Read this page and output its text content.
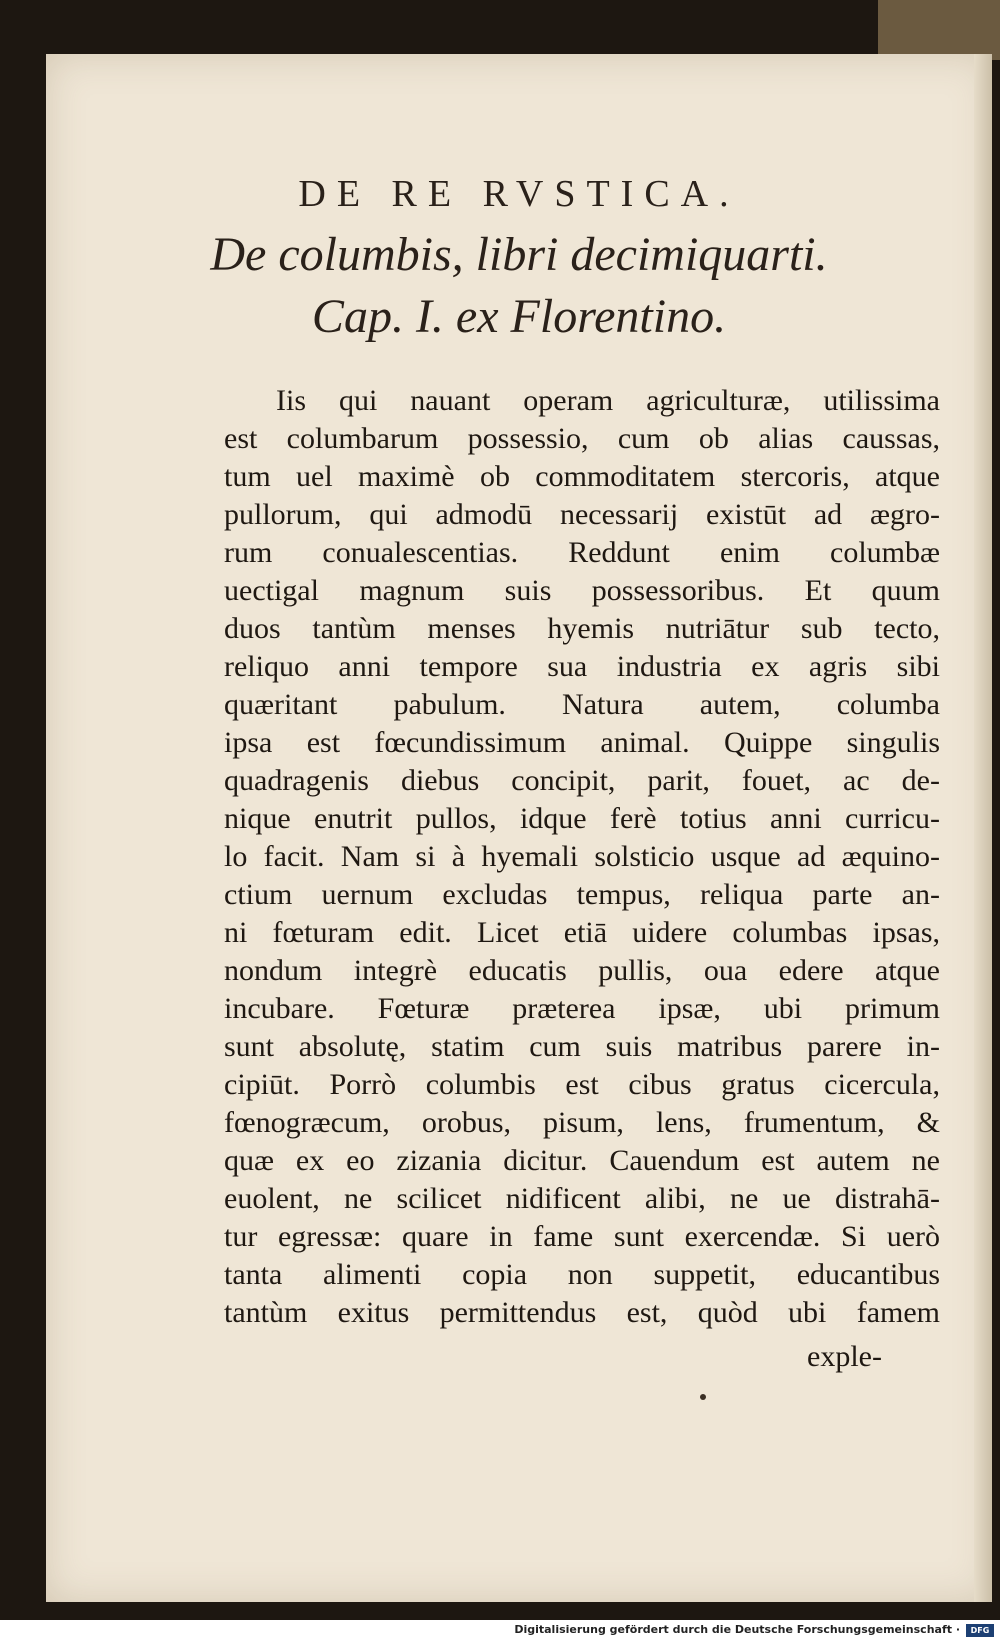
DE RE RVSTICA.
De columbis, libri decimiquarti.
Cap. I. ex Florentino.
Iis qui nauant operam agriculturæ, utilissima
est columbarum possessio, cum ob alias caussas,
tum uel maximè ob commoditatem stercoris, atque
pullorum, qui admodū necessarij existūt ad ægro-
rum conualescentias. Reddunt enim columbæ
uectigal magnum suis possessoribus. Et quum
duos tantùm menses hyemis nutriātur sub tecto,
reliquo anni tempore sua industria ex agris sibi
quæritant pabulum. Natura autem, columba
ipsa est fœcundissimum animal. Quippe singulis
quadragenis diebus concipit, parit, fouet, ac de-
nique enutrit pullos, idque ferè totius anni curricu-
lo facit. Nam si à hyemali solsticio usque ad æquino-
ctium uernum excludas tempus, reliqua parte an-
ni fœturam edit. Licet etiā uidere columbas ipsas,
nondum integrè educatis pullis, oua edere atque
incubare. Fœturæ præterea ipsæ, ubi primum
sunt absolutę, statim cum suis matribus parere in-
cipiūt. Porrò columbis est cibus gratus cicercula,
fœnogræcum, orobus, pisum, lens, frumentum, &
quæ ex eo zizania dicitur. Cauendum est autem ne
euolent, ne scilicet nidificent alibi, ne ue distrahā-
tur egressæ: quare in fame sunt exercendæ. Si uerò
tanta alimenti copia non suppetit, educantibus
tantùm exitus permittendus est, quòd ubi famem
exple-
Digitalisierung gefördert durch die Deutsche Forschungsgemeinschaft ·	DFG
